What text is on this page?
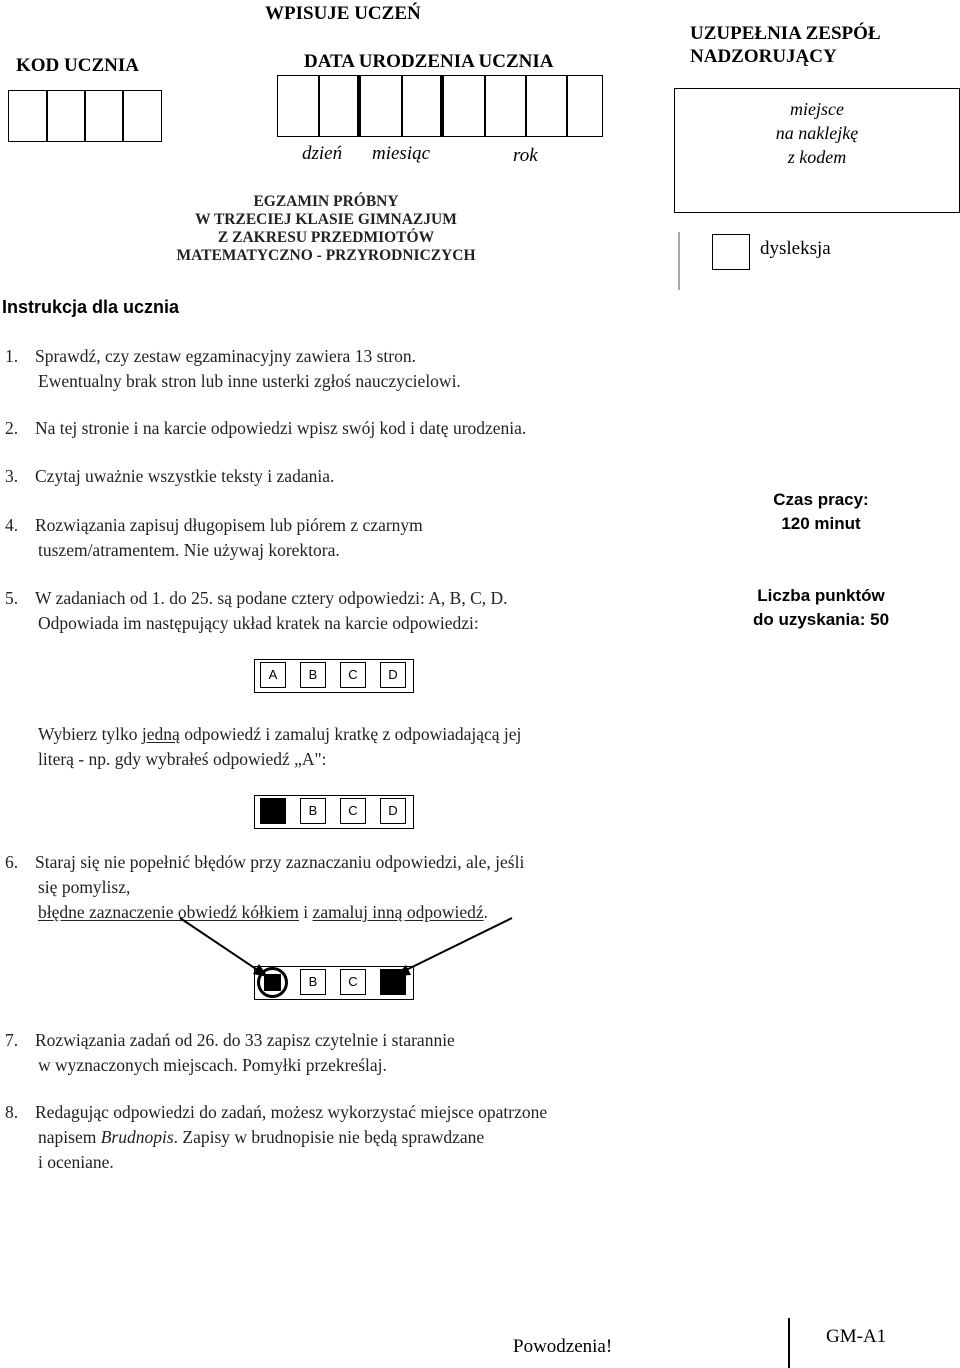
WPISUJE UCZEŃ
KOD UCZNIA	DATA URODZENIA UCZNIA
dzień miesiąc	rok
UZUPEŁNIA ZESPÓŁ NADZORUJĄCY
miejsce
na naklejkę
z kodem
dysleksja
EGZAMIN PRÓBNY
W TRZECIEJ KLASIE GIMNAZJUM
Z ZAKRESU PRZEDMIOTÓW
MATEMATYCZNO - PRZYRODNICZYCH
Instrukcja dla ucznia
1. Sprawdź, czy zestaw egzaminacyjny zawiera 13 stron.
Ewentualny brak stron lub inne usterki zgłoś nauczycielowi.
2. Na tej stronie i na karcie odpowiedzi wpisz swój kod i datę urodzenia.
3. Czytaj uważnie wszystkie teksty i zadania.
4. Rozwiązania zapisuj długopisem lub piórem z czarnym
tuszem/atramentem. Nie używaj korektora.
5. W zadaniach od 1. do 25. są podane cztery odpowiedzi: A, B, C, D.
Odpowiada im następujący układ kratek na karcie odpowiedzi:
A	B	C	D
Wybierz tylko jedną odpowiedź i zamaluj kratkę z odpowiadającą jej
literą - np. gdy wybrałeś odpowiedź „A":
B	C	D
6. Staraj się nie popełnić błędów przy zaznaczaniu odpowiedzi, ale, jeśli
się pomylisz,
błędne zaznaczenie obwiedź kółkiem i zamaluj inną odpowiedź.
B	C
7. Rozwiązania zadań od 26. do 33 zapisz czytelnie i starannie
w wyznaczonych miejscach. Pomyłki przekreślaj.
8. Redagując odpowiedzi do zadań, możesz wykorzystać miejsce opatrzone
napisem Brudnopis. Zapisy w brudnopisie nie będą sprawdzane
i oceniane.
Czas pracy:
120 minut
Liczba punktów
do uzyskania: 50
Powodzenia!	GM-A1
